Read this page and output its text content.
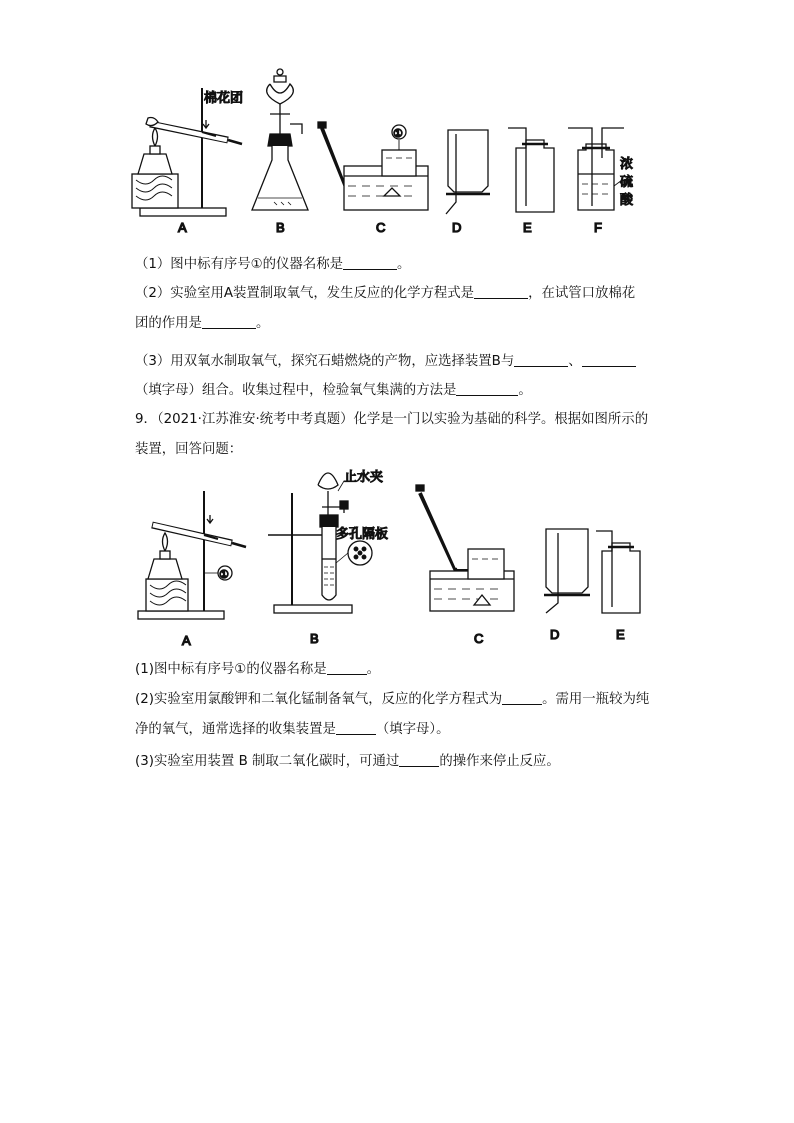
A
棉花团
B
①
C	D	E
浓
硫
酸
F
（1）图中标有序号①的仪器名称是	。
（2）实验室用A装置制取氧气，发生反应的化学方程式是	，在试管口放棉花
团的作用是	。
（3）用双氧水制取氧气，探究石蜡燃烧的产物，应选择装置B与	、
（填字母）组合。收集过程中，检验氧气集满的方法是	。
9．（2021·江苏淮安·统考中考真题）化学是一门以实验为基础的科学。根据如图所示的
装置，回答问题：
①
A
止水夹
多孔隔板
B	C	D	E
(1)图中标有序号①的仪器名称是	。
(2)实验室用氯酸钾和二氧化锰制备氧气，反应的化学方程式为	。需用一瓶较为纯
净的氧气，通常选择的收集装置是	（填字母）。
(3)实验室用装置 B 制取二氧化碳时，可通过	的操作来停止反应。
